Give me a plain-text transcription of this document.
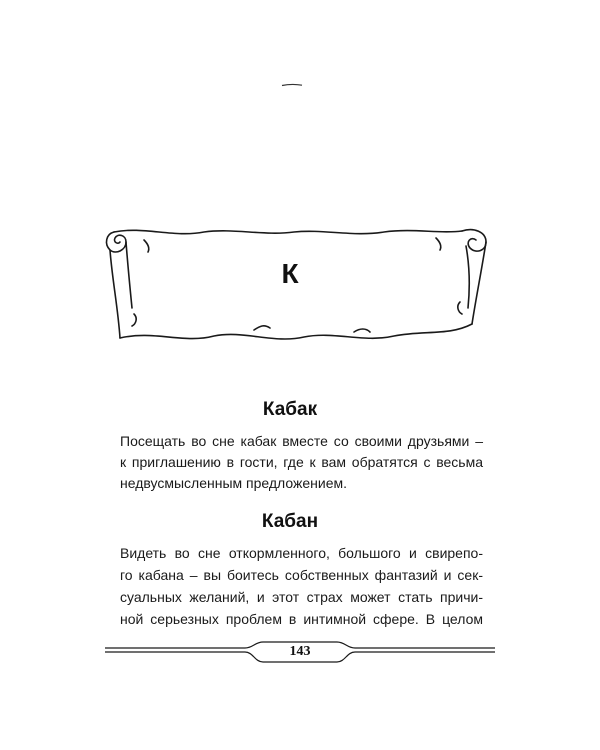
К
Кабак
Посещать во сне кабак вместе со своими друзьями –
к приглашению в гости, где к вам обратятся с весьма
недвусмысленным предложением.
Кабан
Видеть во сне откормленного, большого и свирепо-
го кабана – вы боитесь собственных фантазий и сек-
суальных желаний, и этот страх может стать причи-
ной серьезных проблем в интимной сфере. В целом
143
